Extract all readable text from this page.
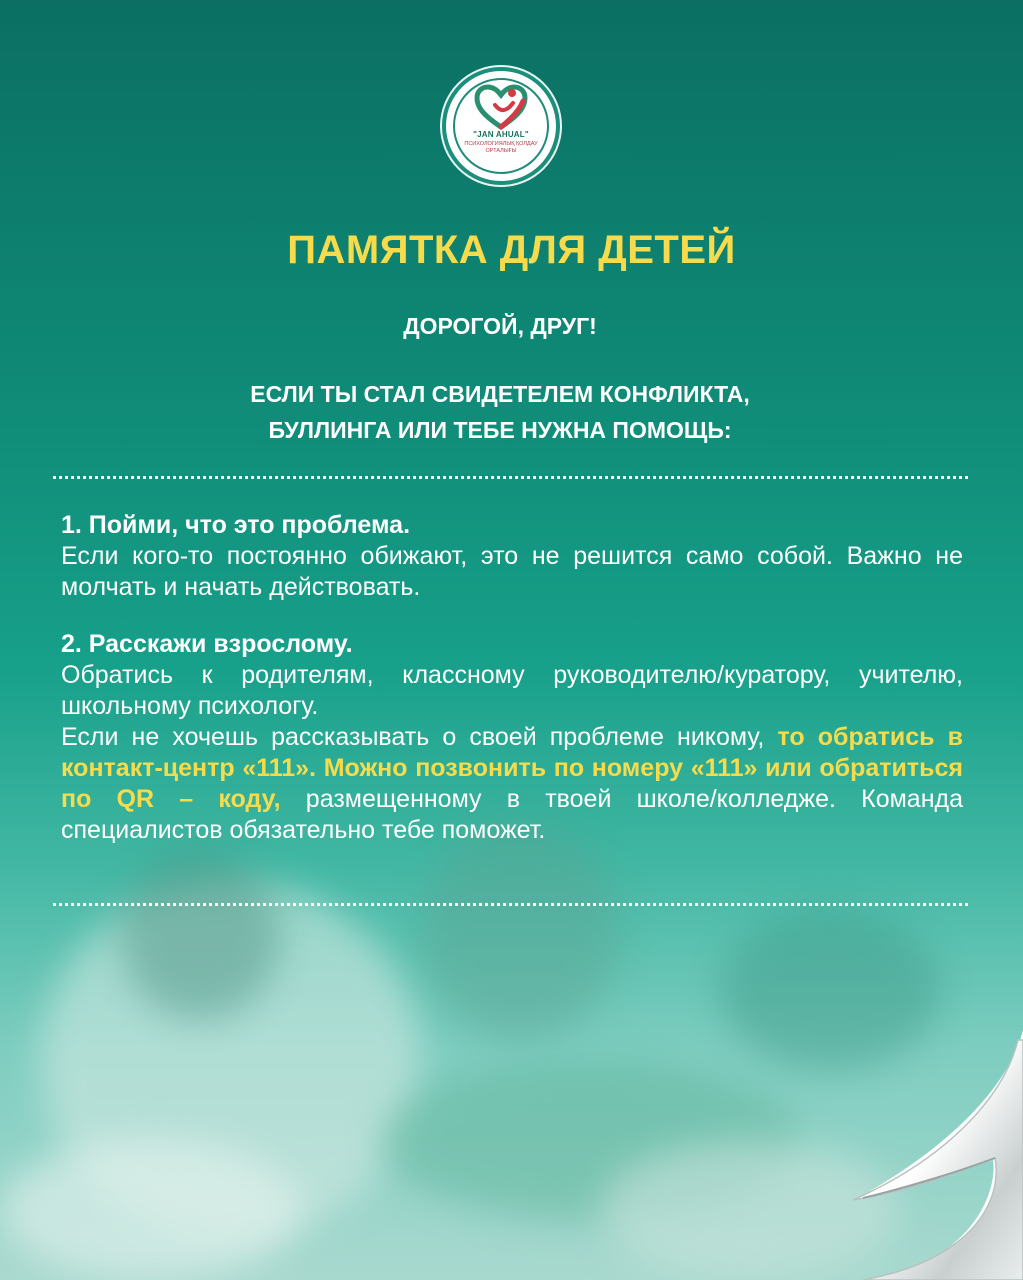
"JAN AHUAL"
ПСИХОЛОГИЯЛЫҚ ҚОЛДАУ ОРТАЛЫҒЫ
ПАМЯТКА ДЛЯ ДЕТЕЙ
ДОРОГОЙ, ДРУГ!
ЕСЛИ ТЫ СТАЛ СВИДЕТЕЛЕМ КОНФЛИКТА,
БУЛЛИНГА ИЛИ ТЕБЕ НУЖНА ПОМОЩЬ:

1. Пойми, что это проблема.

Если кого-то постоянно обижают, это не решится само собой. Важно не молчать и начать действовать.

2. Расскажи взрослому.

Обратись к родителям, классному руководителю/куратору, учителю, школьному психологу.

Если не хочешь рассказывать о своей проблеме никому, то обратись в контакт-центр «111». Можно позвонить по номеру «111» или обратиться по QR – коду, размещенному в твоей школе/колледже. Команда специалистов обязательно тебе поможет.
